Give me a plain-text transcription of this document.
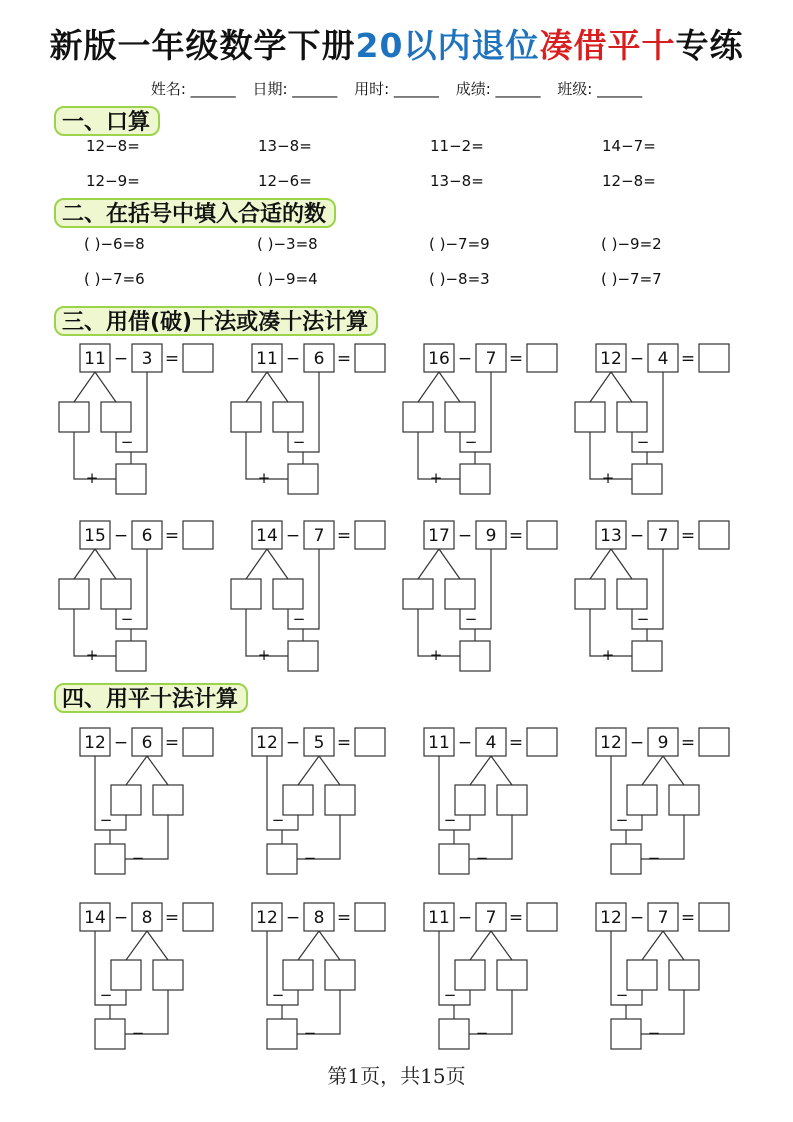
新版一年级数学下册20以内退位凑借平十专练
姓名: ______ 日期: ______ 用时: ______ 成绩: ______ 班级: ______
一、口算
二、在括号中填入合适的数
三、用借(破)十法或凑十法计算
四、用平十法计算
12−8=	13−8=	11−2=	14−7=
12−9=	12−6=	13−8=	12−8=
( )−6=8	( )−3=8	( )−7=9	( )−9=2
( )−7=6	( )−9=4	( )−8=3	( )−7=7
11 − 3 =
−
+
11 − 6 =
−
+
16 − 7 =
−
+
12 − 4 =
−
+
15 − 6 =
−
+
14 − 7 =
−
+
17 − 9 =
−
+
13 − 7 =
−
+
12 − 6 =
−
−
12 − 5 =
−
−
11 − 4 =
−
−
12 − 9 =
−
−
14 − 8 =
−
−
12 − 8 =
−
−
11 − 7 =
−
−
12 − 7 =
−
−
第1页，共15页
